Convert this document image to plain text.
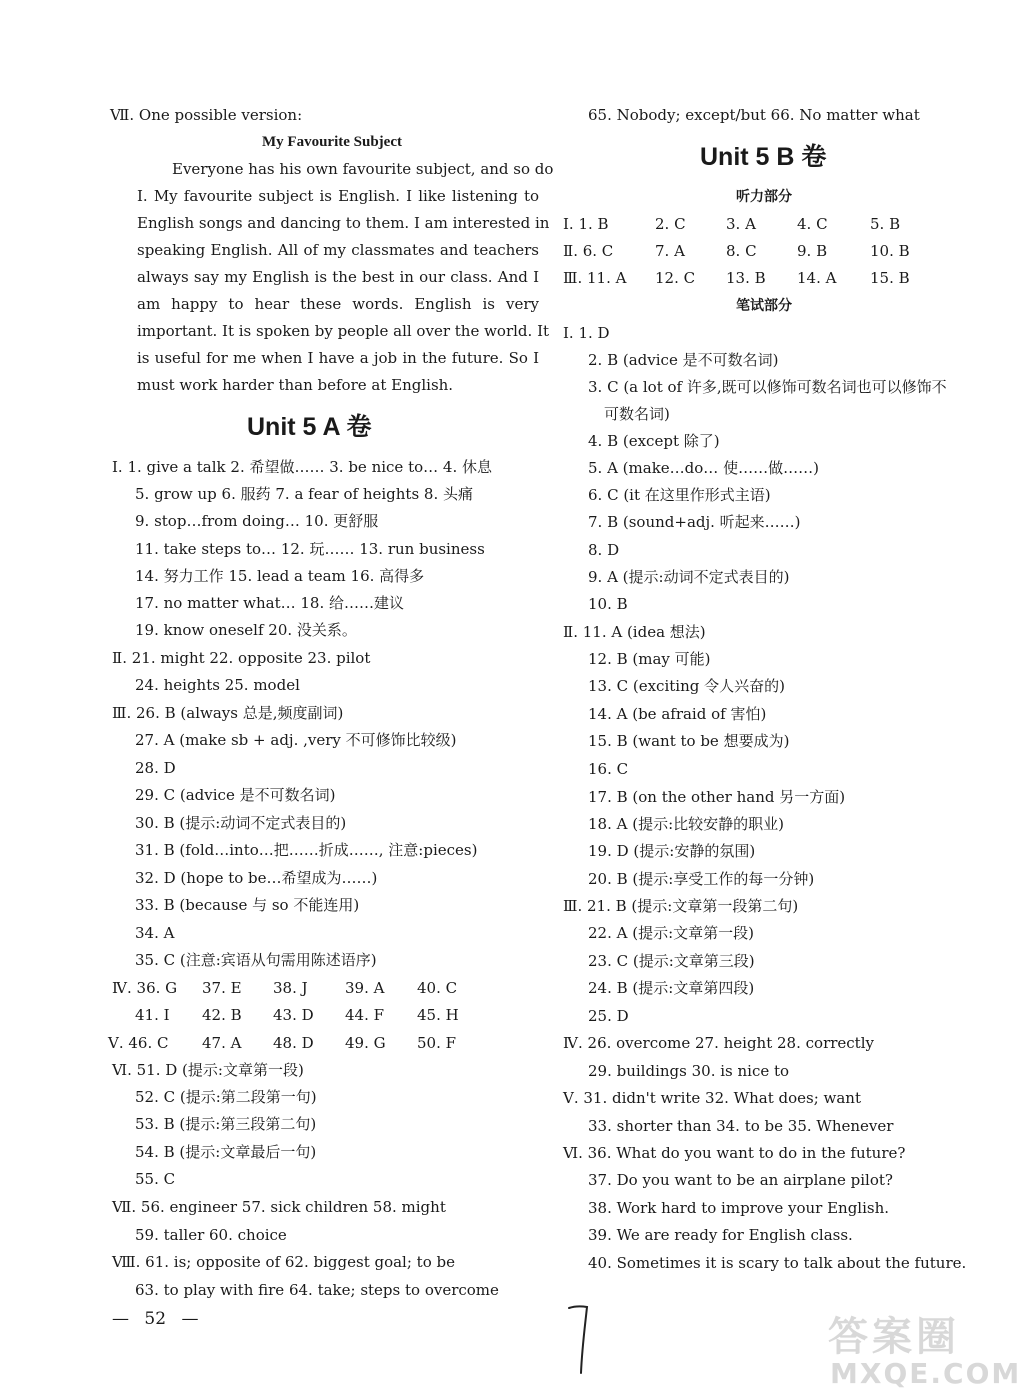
Ⅶ. One possible version:
My Favourite Subject
Everyone has his own favourite subject, and so do
I. My favourite subject is English. I like listening to
English songs and dancing to them. I am interested in
speaking English. All of my classmates and teachers
always say my English is the best in our class. And I
am happy to hear these words. English is very
important. It is spoken by people all over the world. It
is useful for me when I have a job in the future. So I
must work harder than before at English.
Unit 5 A 卷
Ⅰ. 1. give a talk 2. 希望做…… 3. be nice to… 4. 休息
5. grow up 6. 服药 7. a fear of heights 8. 头痛
9. stop…from doing… 10. 更舒服
11. take steps to… 12. 玩…… 13. run business
14. 努力工作 15. lead a team 16. 高得多
17. no matter what… 18. 给……建议
19. know oneself 20. 没关系。
Ⅱ. 21. might 22. opposite 23. pilot
24. heights 25. model
Ⅲ. 26. B (always 总是,频度副词)
27. A (make sb + adj. ,very 不可修饰比较级)
28. D
29. C (advice 是不可数名词)
30. B (提示:动词不定式表目的)
31. B (fold…into…把……折成……, 注意:pieces)
32. D (hope to be…希望成为……)
33. B (because 与 so 不能连用)
34. A
35. C (注意:宾语从句需用陈述语序)
Ⅳ. 36. G 37. E 38. J 39. A 40. C
41. I 42. B 43. D 44. F 45. H
Ⅴ. 46. C 47. A 48. D 49. G 50. F
Ⅵ. 51. D (提示:文章第一段)
52. C (提示:第二段第一句)
53. B (提示:第三段第二句)
54. B (提示:文章最后一句)
55. C
Ⅶ. 56. engineer 57. sick children 58. might
59. taller 60. choice
Ⅷ. 61. is; opposite of 62. biggest goal; to be
63. to play with fire 64. take; steps to overcome
— 52 —
65. Nobody; except/but 66. No matter what
Unit 5 B 卷
听力部分
Ⅰ. 1. B	2. C	3. A	4. C	5. B
Ⅱ. 6. C	7. A	8. C	9. B	10. B
Ⅲ. 11. A 12. C 13. B 14. A 15. B
笔试部分
Ⅰ. 1. D
2. B (advice 是不可数名词)
3. C (a lot of 许多,既可以修饰可数名词也可以修饰不
可数名词)
4. B (except 除了)
5. A (make…do… 使……做……)
6. C (it 在这里作形式主语)
7. B (sound+adj. 听起来……)
8. D
9. A (提示:动词不定式表目的)
10. B
Ⅱ. 11. A (idea 想法)
12. B (may 可能)
13. C (exciting 令人兴奋的)
14. A (be afraid of 害怕)
15. B (want to be 想要成为)
16. C
17. B (on the other hand 另一方面)
18. A (提示:比较安静的职业)
19. D (提示:安静的氛围)
20. B (提示:享受工作的每一分钟)
Ⅲ. 21. B (提示:文章第一段第二句)
22. A (提示:文章第一段)
23. C (提示:文章第三段)
24. B (提示:文章第四段)
25. D
Ⅳ. 26. overcome 27. height 28. correctly
29. buildings 30. is nice to
Ⅴ. 31. didn't write 32. What does; want
33. shorter than 34. to be 35. Whenever
Ⅵ. 36. What do you want to do in the future?
37. Do you want to be an airplane pilot?
38. Work hard to improve your English.
39. We are ready for English class.
40. Sometimes it is scary to talk about the future.
答案圈
MXQE.COM
